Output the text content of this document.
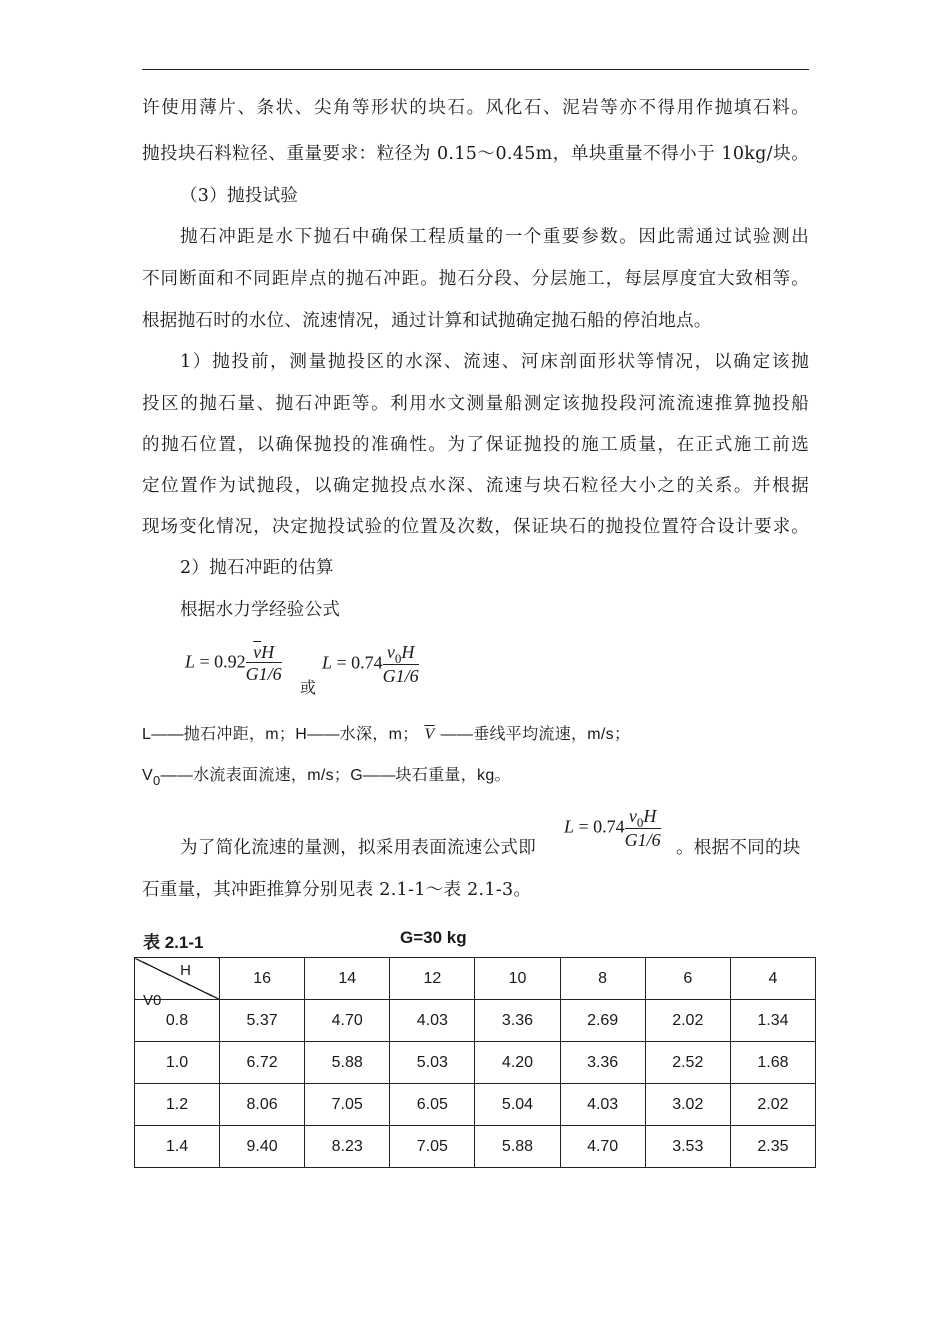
许使用薄片、条状、尖角等形状的块石。风化石、泥岩等亦不得用作抛填石料。
抛投块石料粒径、重量要求：粒径为 0.15～0.45m，单块重量不得小于 10kg/块。
（3）抛投试验
抛石冲距是水下抛石中确保工程质量的一个重要参数。因此需通过试验测出
不同断面和不同距岸点的抛石冲距。抛石分段、分层施工，每层厚度宜大致相等。
根据抛石时的水位、流速情况，通过计算和试抛确定抛石船的停泊地点。
1）抛投前，测量抛投区的水深、流速、河床剖面形状等情况，以确定该抛
投区的抛石量、抛石冲距等。利用水文测量船测定该抛投段河流流速推算抛投船
的抛石位置，以确保抛投的准确性。为了保证抛投的施工质量，在正式施工前选
定位置作为试抛段，以确定抛投点水深、流速与块石粒径大小之的关系。并根据
现场变化情况，决定抛投试验的位置及次数，保证块石的抛投位置符合设计要求。
2）抛石冲距的估算
根据水力学经验公式
$L = 0.92 \frac{\overline{v}H}{G1/6}$
或
$L = 0.74 \frac{v_0H}{G1/6}$
L——抛石冲距，m；H——水深，m； $\overline{V}$ ——垂线平均流速，m/s；
$V_0——$水流表面流速，m/s；G——块石重量，kg。
为了简化流速的量测，拟采用表面流速公式即
$L = 0.74 \frac{v_0H}{G1/6}$ 。根据不同的块
石重量，其冲距推算分别见表 2.1-1～表 2.1-3。
表 2.1-1	G=30 kg
H
V0	16	14	12	10	8	6	4
0.8	5.37	4.70	4.03	3.36	2.69	2.02	1.34
1.0	6.72	5.88	5.03	4.20	3.36	2.52	1.68
1.2	8.06	7.05	6.05	5.04	4.03	3.02	2.02
1.4	9.40	8.23	7.05	5.88	4.70	3.53	2.35
